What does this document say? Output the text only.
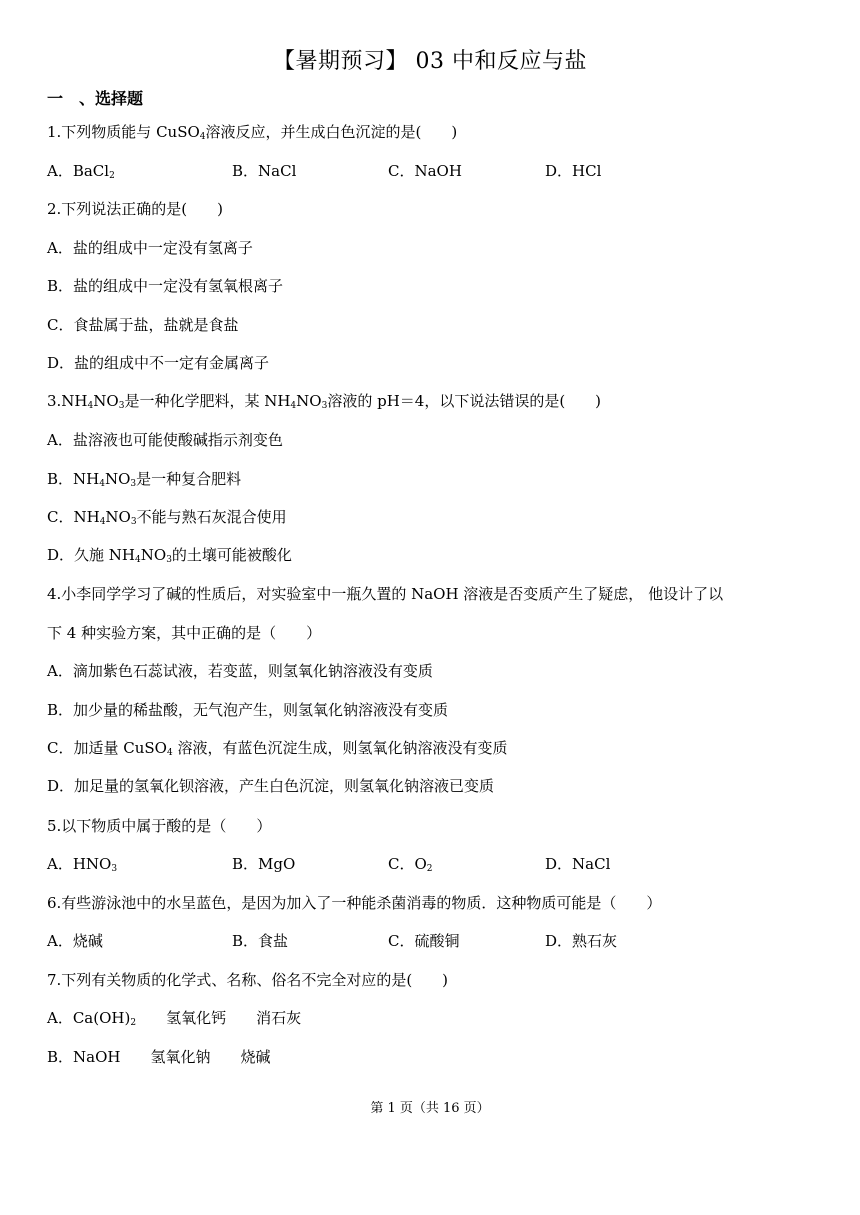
【暑期预习】 03 中和反应与盐
一　、选择题
1.下列物质能与 CuSO$_4$溶液反应，并生成白色沉淀的是(　　)
A．BaCl$_2$	B．NaCl	C．NaOH	D．HCl
2.下列说法正确的是(　　)
A．盐的组成中一定没有氢离子
B．盐的组成中一定没有氢氧根离子
C．食盐属于盐，盐就是食盐
D．盐的组成中不一定有金属离子
$3.NH_4NO_3$是一种化学肥料，某 $NH_4NO_3$溶液的 pH＝4，以下说法错误的是(　　)
A．盐溶液也可能使酸碱指示剂变色
B．$NH_4NO_3$是一种复合肥料
C．$NH_4NO_3$不能与熟石灰混合使用
D．久施 $NH_4NO_3$的土壤可能被酸化
4.小李同学学习了碱的性质后，对实验室中一瓶久置的 NaOH 溶液是否变质产生了疑虑， 他设计了以
下 4 种实验方案，其中正确的是（　　）
A．滴加紫色石蕊试液，若变蓝，则氢氧化钠溶液没有变质
B．加少量的稀盐酸，无气泡产生，则氢氧化钠溶液没有变质
C．加适量 CuSO$_4$ 溶液，有蓝色沉淀生成，则氢氧化钠溶液没有变质
D．加足量的氢氧化钡溶液，产生白色沉淀，则氢氧化钠溶液已变质
5.以下物质中属于酸的是（　　）
A．$HNO_3$	B．MgO	C．$O_2$	D．NaCl
6.有些游泳池中的水呈蓝色，是因为加入了一种能杀菌消毒的物质．这种物质可能是（　　）
A．烧碱	B．食盐	C．硫酸铜	D．熟石灰
7.下列有关物质的化学式、名称、俗名不完全对应的是(　　)
A．$Ca(OH)_2$　　氢氧化钙　　消石灰
B．NaOH　　氢氧化钠　　烧碱
第 1 页（共 16 页）
